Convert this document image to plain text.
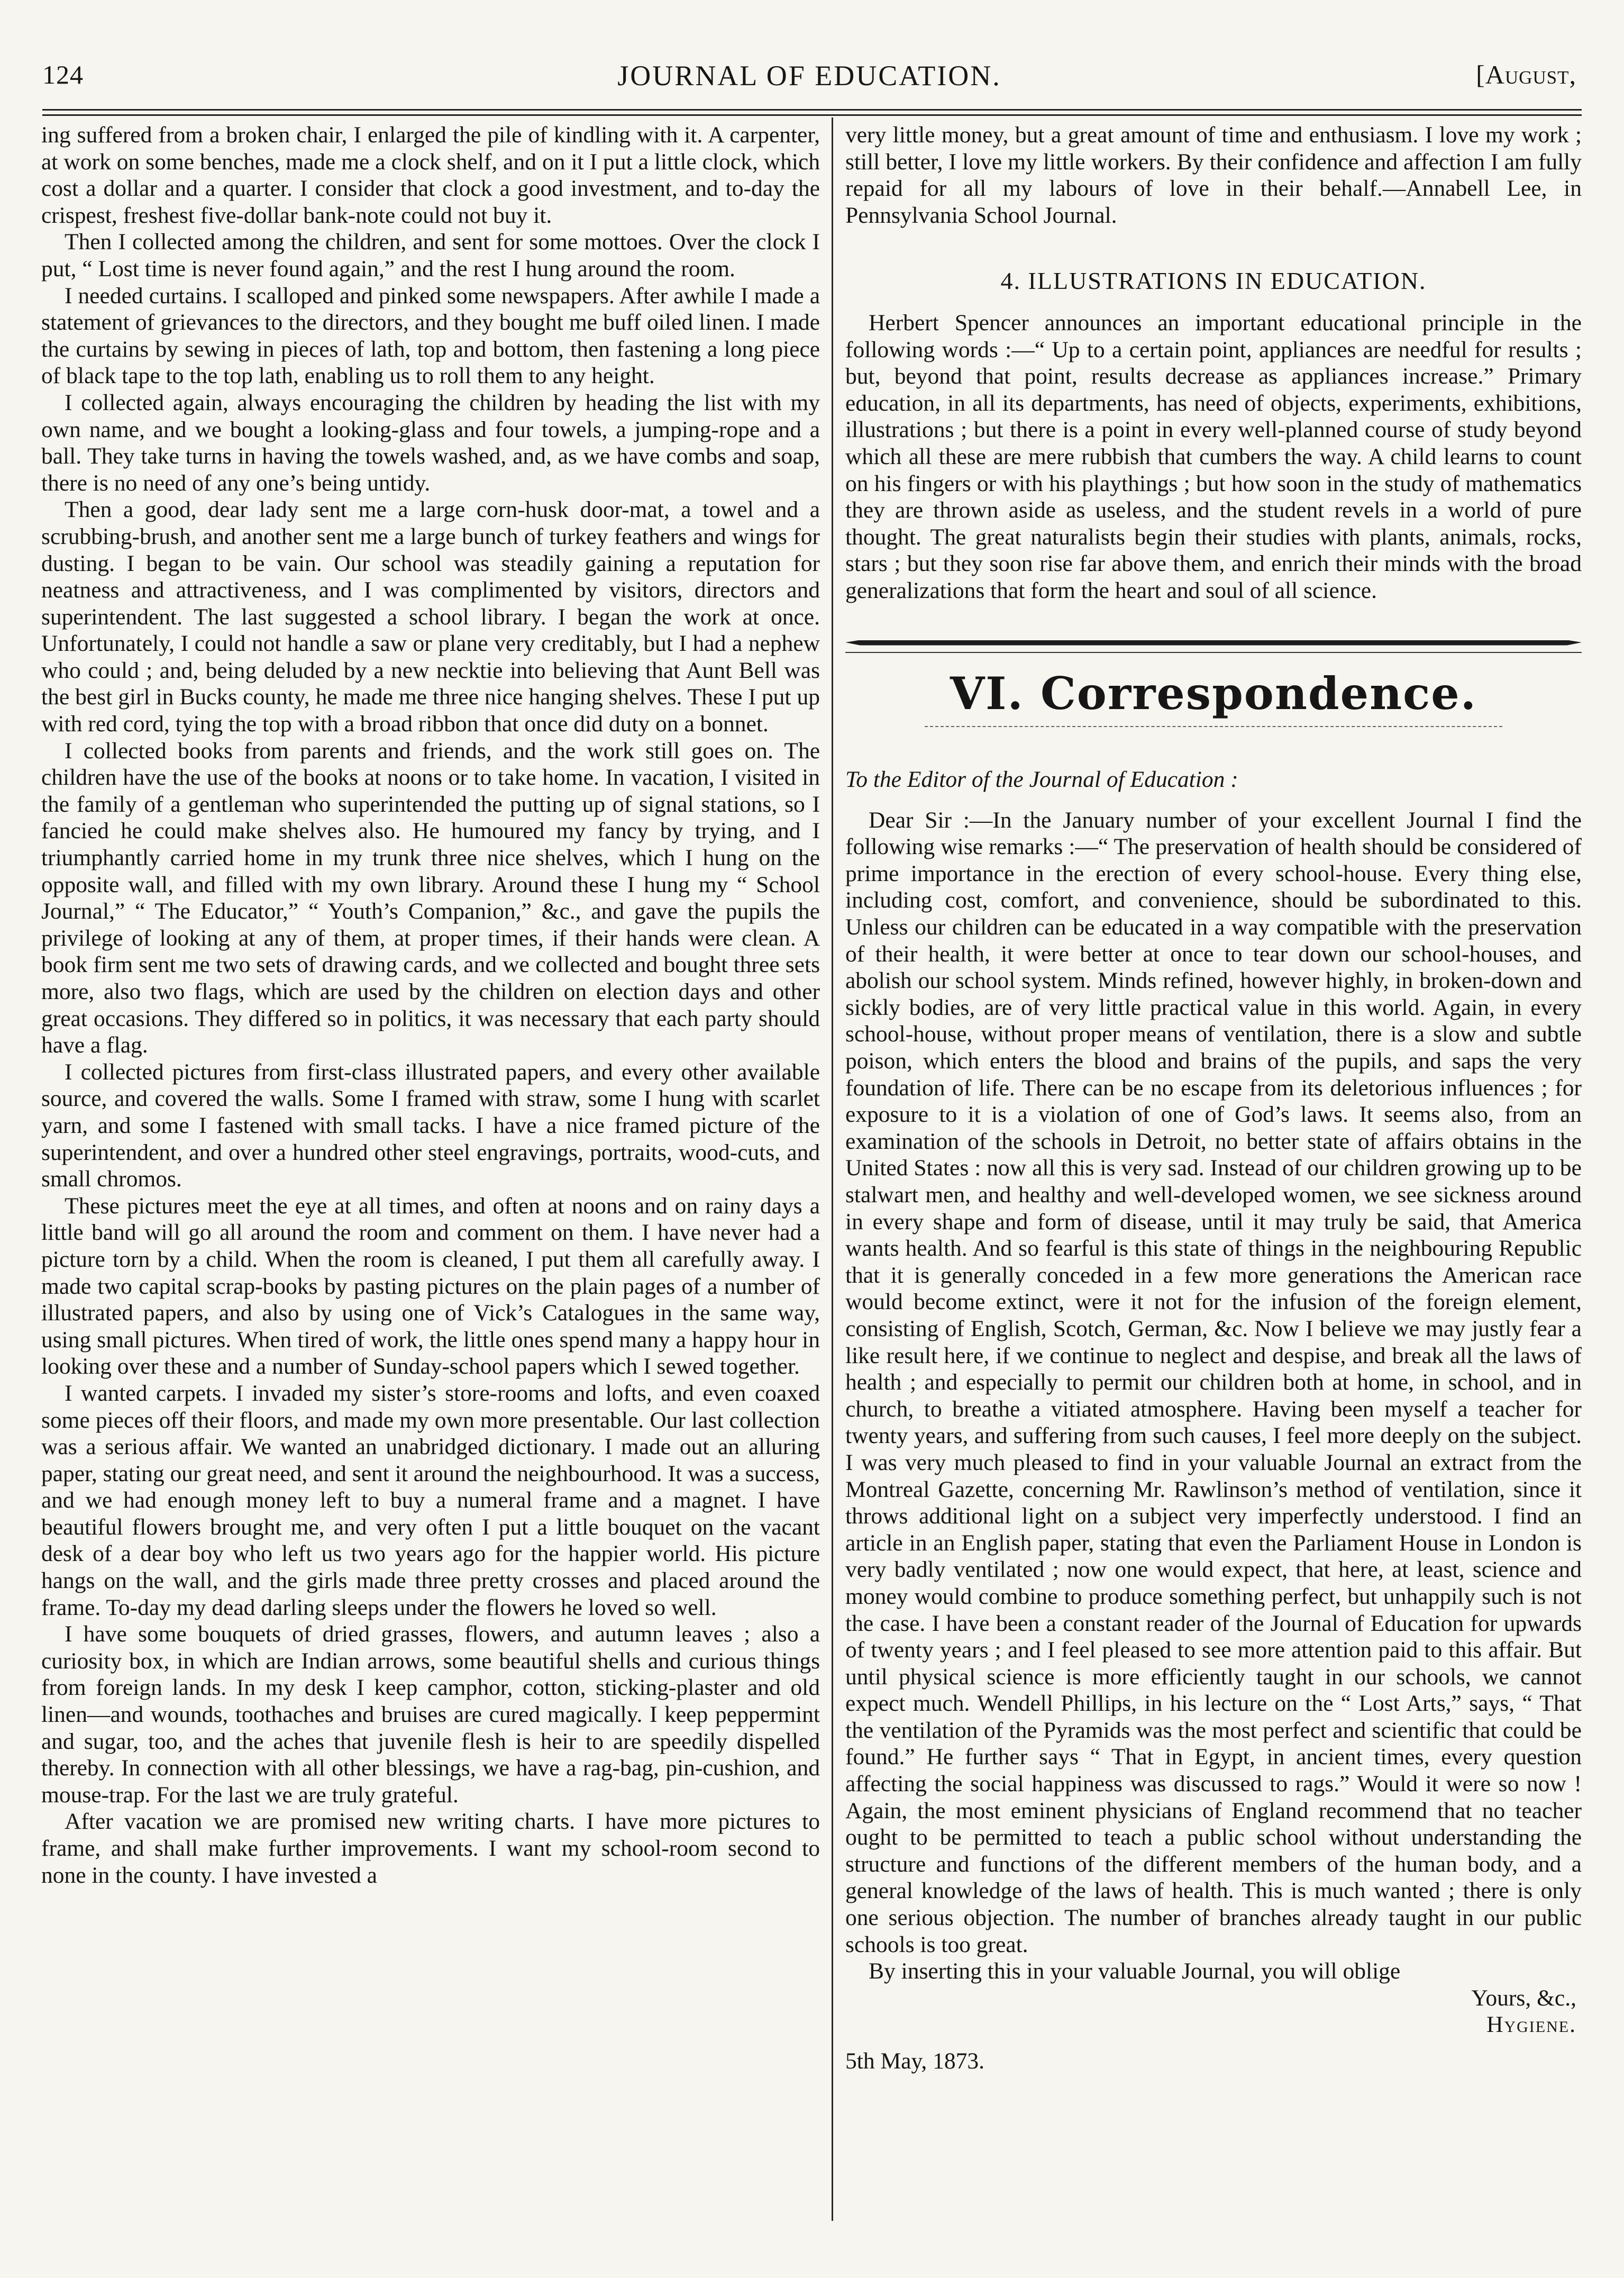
124	JOURNAL OF EDUCATION.	[August,

ing suffered from a broken chair, I enlarged the pile of kindling with it. A carpenter, at work on some benches, made me a clock shelf, and on it I put a little clock, which cost a dollar and a quarter. I consider that clock a good investment, and to-day the crispest, freshest five-dollar bank-note could not buy it.

Then I collected among the children, and sent for some mottoes. Over the clock I put, “ Lost time is never found again,” and the rest I hung around the room.

I needed curtains. I scalloped and pinked some newspapers. After awhile I made a statement of grievances to the directors, and they bought me buff oiled linen. I made the curtains by sewing in pieces of lath, top and bottom, then fastening a long piece of black tape to the top lath, enabling us to roll them to any height.

I collected again, always encouraging the children by heading the list with my own name, and we bought a looking-glass and four towels, a jumping-rope and a ball. They take turns in having the towels washed, and, as we have combs and soap, there is no need of any one’s being untidy.

Then a good, dear lady sent me a large corn-husk door-mat, a towel and a scrubbing-brush, and another sent me a large bunch of turkey feathers and wings for dusting. I began to be vain. Our school was steadily gaining a reputation for neatness and attractiveness, and I was complimented by visitors, directors and superintendent. The last suggested a school library. I began the work at once. Unfortunately, I could not handle a saw or plane very creditably, but I had a nephew who could ; and, being deluded by a new necktie into believing that Aunt Bell was the best girl in Bucks county, he made me three nice hanging shelves. These I put up with red cord, tying the top with a broad ribbon that once did duty on a bonnet.

I collected books from parents and friends, and the work still goes on. The children have the use of the books at noons or to take home. In vacation, I visited in the family of a gentleman who superintended the putting up of signal stations, so I fancied he could make shelves also. He humoured my fancy by trying, and I triumphantly carried home in my trunk three nice shelves, which I hung on the opposite wall, and filled with my own library. Around these I hung my “ School Journal,” “ The Educator,” “ Youth’s Companion,” &c., and gave the pupils the privilege of looking at any of them, at proper times, if their hands were clean. A book firm sent me two sets of drawing cards, and we collected and bought three sets more, also two flags, which are used by the children on election days and other great occasions. They differed so in politics, it was necessary that each party should have a flag.

I collected pictures from first-class illustrated papers, and every other available source, and covered the walls. Some I framed with straw, some I hung with scarlet yarn, and some I fastened with small tacks. I have a nice framed picture of the superintendent, and over a hundred other steel engravings, portraits, wood-cuts, and small chromos.

These pictures meet the eye at all times, and often at noons and on rainy days a little band will go all around the room and comment on them. I have never had a picture torn by a child. When the room is cleaned, I put them all carefully away. I made two capital scrap-books by pasting pictures on the plain pages of a number of illustrated papers, and also by using one of Vick’s Catalogues in the same way, using small pictures. When tired of work, the little ones spend many a happy hour in looking over these and a number of Sunday-school papers which I sewed together.

I wanted carpets. I invaded my sister’s store-rooms and lofts, and even coaxed some pieces off their floors, and made my own more presentable. Our last collection was a serious affair. We wanted an unabridged dictionary. I made out an alluring paper, stating our great need, and sent it around the neighbourhood. It was a success, and we had enough money left to buy a numeral frame and a magnet. I have beautiful flowers brought me, and very often I put a little bouquet on the vacant desk of a dear boy who left us two years ago for the happier world. His picture hangs on the wall, and the girls made three pretty crosses and placed around the frame. To-day my dead darling sleeps under the flowers he loved so well.

I have some bouquets of dried grasses, flowers, and autumn leaves ; also a curiosity box, in which are Indian arrows, some beautiful shells and curious things from foreign lands. In my desk I keep camphor, cotton, sticking-plaster and old linen—and wounds, toothaches and bruises are cured magically. I keep peppermint and sugar, too, and the aches that juvenile flesh is heir to are speedily dispelled thereby. In connection with all other blessings, we have a rag-bag, pin-cushion, and mouse-trap. For the last we are truly grateful.

After vacation we are promised new writing charts. I have more pictures to frame, and shall make further improvements. I want my school-room second to none in the county. I have invested a

very little money, but a great amount of time and enthusiasm. I love my work ; still better, I love my little workers. By their confidence and affection I am fully repaid for all my labours of love in their behalf.—Annabell Lee, in Pennsylvania School Journal.

4. ILLUSTRATIONS IN EDUCATION.

Herbert Spencer announces an important educational principle in the following words :—“ Up to a certain point, appliances are needful for results ; but, beyond that point, results decrease as appliances increase.” Primary education, in all its departments, has need of objects, experiments, exhibitions, illustrations ; but there is a point in every well-planned course of study beyond which all these are mere rubbish that cumbers the way. A child learns to count on his fingers or with his playthings ; but how soon in the study of mathematics they are thrown aside as useless, and the student revels in a world of pure thought. The great naturalists begin their studies with plants, animals, rocks, stars ; but they soon rise far above them, and enrich their minds with the broad generalizations that form the heart and soul of all science.

VI. Correspondence.

To the Editor of the Journal of Education :

Dear Sir :—In the January number of your excellent Journal I find the following wise remarks :—“ The preservation of health should be considered of prime importance in the erection of every school-house. Every thing else, including cost, comfort, and convenience, should be subordinated to this. Unless our children can be educated in a way compatible with the preservation of their health, it were better at once to tear down our school-houses, and abolish our school system. Minds refined, however highly, in broken-down and sickly bodies, are of very little practical value in this world. Again, in every school-house, without proper means of ventilation, there is a slow and subtle poison, which enters the blood and brains of the pupils, and saps the very foundation of life. There can be no escape from its deletorious influences ; for exposure to it is a violation of one of God’s laws. It seems also, from an examination of the schools in Detroit, no better state of affairs obtains in the United States : now all this is very sad. Instead of our children growing up to be stalwart men, and healthy and well-developed women, we see sickness around in every shape and form of disease, until it may truly be said, that America wants health. And so fearful is this state of things in the neighbouring Republic that it is generally conceded in a few more generations the American race would become extinct, were it not for the infusion of the foreign element, consisting of English, Scotch, German, &c. Now I believe we may justly fear a like result here, if we continue to neglect and despise, and break all the laws of health ; and especially to permit our children both at home, in school, and in church, to breathe a vitiated atmosphere. Having been myself a teacher for twenty years, and suffering from such causes, I feel more deeply on the subject. I was very much pleased to find in your valuable Journal an extract from the Montreal Gazette, concerning Mr. Rawlinson’s method of ventilation, since it throws additional light on a subject very imperfectly understood. I find an article in an English paper, stating that even the Parliament House in London is very badly ventilated ; now one would expect, that here, at least, science and money would combine to produce something perfect, but unhappily such is not the case. I have been a constant reader of the Journal of Education for upwards of twenty years ; and I feel pleased to see more attention paid to this affair. But until physical science is more efficiently taught in our schools, we cannot expect much. Wendell Phillips, in his lecture on the “ Lost Arts,” says, “ That the ventilation of the Pyramids was the most perfect and scientific that could be found.” He further says “ That in Egypt, in ancient times, every question affecting the social happiness was discussed to rags.” Would it were so now ! Again, the most eminent physicians of England recommend that no teacher ought to be permitted to teach a public school without understanding the structure and functions of the different members of the human body, and a general knowledge of the laws of health. This is much wanted ; there is only one serious objection. The number of branches already taught in our public schools is too great.

By inserting this in your valuable Journal, you will oblige

Yours, &c.,

Hygiene.

5th May, 1873.
